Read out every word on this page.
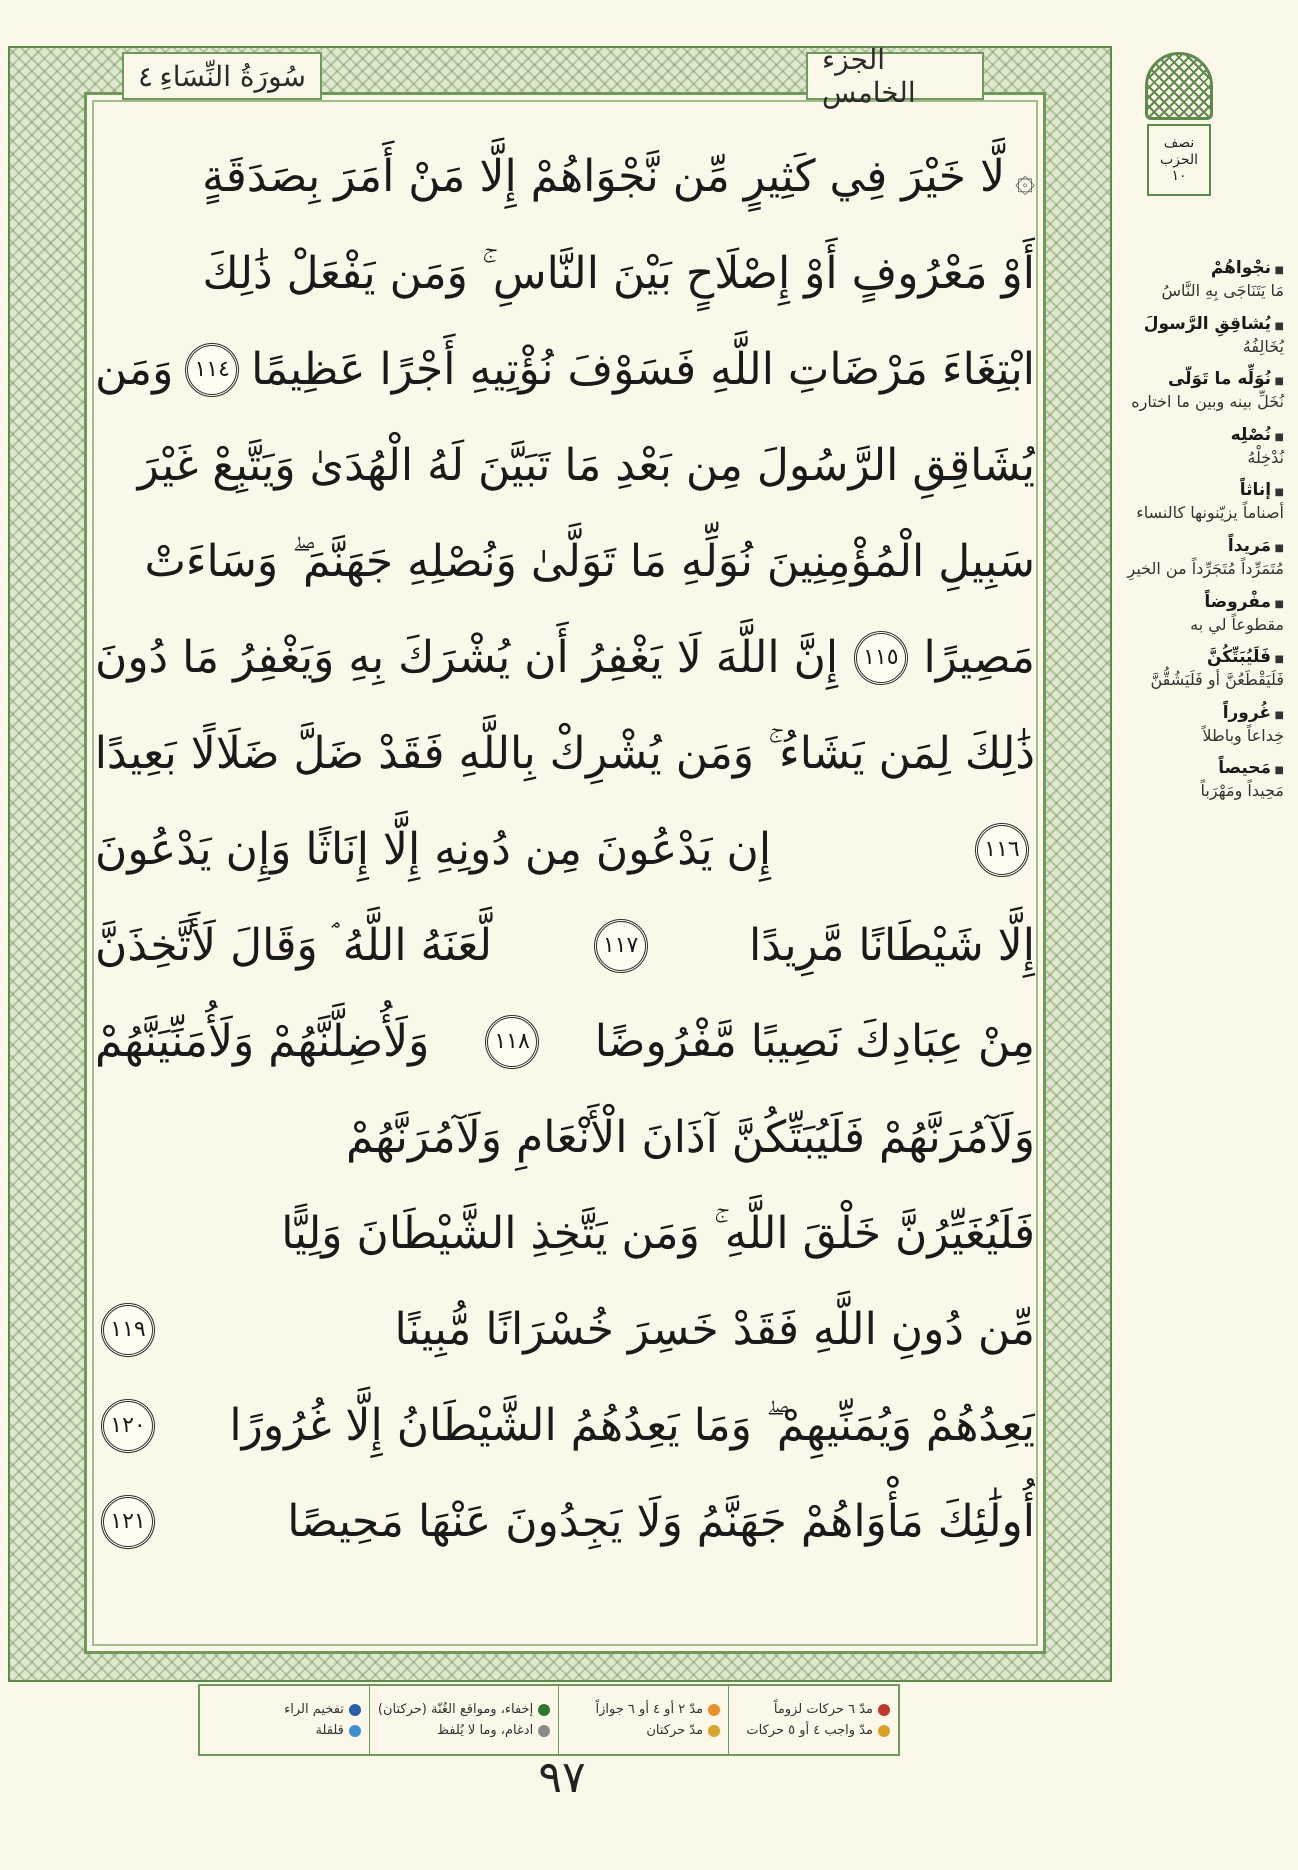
٤ سُورَةُ النِّسَاءِ	الجزء الخامس
۞لَّا خَيْرَ فِي كَثِيرٍ مِّن نَّجْوَاهُمْ إِلَّا مَنْ أَمَرَ بِصَدَقَةٍ
أَوْ مَعْرُوفٍ أَوْ إِصْلَاحٍ بَيْنَ النَّاسِ ۚ وَمَن يَفْعَلْ ذَٰلِكَ
ابْتِغَاءَ مَرْضَاتِ اللَّهِ فَسَوْفَ نُؤْتِيهِ أَجْرًا عَظِيمًا
١١٤
وَمَن
يُشَاقِقِ الرَّسُولَ مِن بَعْدِ مَا تَبَيَّنَ لَهُ الْهُدَىٰ وَيَتَّبِعْ غَيْرَ
سَبِيلِ الْمُؤْمِنِينَ نُوَلِّهِ مَا تَوَلَّىٰ وَنُصْلِهِ جَهَنَّمَ ۖ وَسَاءَتْ
مَصِيرًا
١١٥
إِنَّ اللَّهَ لَا يَغْفِرُ أَن يُشْرَكَ بِهِ وَيَغْفِرُ مَا دُونَ
ذَٰلِكَ لِمَن يَشَاءُ ۚ وَمَن يُشْرِكْ بِاللَّهِ فَقَدْ ضَلَّ ضَلَالًا بَعِيدًا
١١٦
إِن يَدْعُونَ مِن دُونِهِ إِلَّا إِنَاثًا وَإِن يَدْعُونَ
إِلَّا شَيْطَانًا مَّرِيدًا
١١٧
لَّعَنَهُ اللَّهُ ۘ وَقَالَ لَأَتَّخِذَنَّ
مِنْ عِبَادِكَ نَصِيبًا مَّفْرُوضًا
١١٨
وَلَأُضِلَّنَّهُمْ وَلَأُمَنِّيَنَّهُمْ
وَلَآمُرَنَّهُمْ فَلَيُبَتِّكُنَّ آذَانَ الْأَنْعَامِ وَلَآمُرَنَّهُمْ
فَلَيُغَيِّرُنَّ خَلْقَ اللَّهِ ۚ وَمَن يَتَّخِذِ الشَّيْطَانَ وَلِيًّا
مِّن دُونِ اللَّهِ فَقَدْ خَسِرَ خُسْرَانًا مُّبِينًا
١١٩
يَعِدُهُمْ وَيُمَنِّيهِمْ ۖ وَمَا يَعِدُهُمُ الشَّيْطَانُ إِلَّا غُرُورًا
١٢٠
أُولَٰئِكَ مَأْوَاهُمْ جَهَنَّمُ وَلَا يَجِدُونَ عَنْهَا مَحِيصًا
١٢١
مدّ ٦ حركات لزوماً
مدّ واجب ٤ أو ٥ حركات
مدّ ٢ أو ٤ أو ٦ جوازاً
مدّ حركتان
إخفاء، ومواقع الغُنّة (حركتان)
ادغام، وما لا يُلفظ
تفخيم الراء
قلقلة
٩٧
نصف
الحزب
١٠
■ نجْواهُمْ
مَا يَتَنَاجَى بِهِ النَّاسُ
■ يُشاقِقِ الرَّسولَ
يُخَالِفُهُ
■ نُوَلِّه ما تَوَلّى
نُخَلِّ بينه وبين ما اختاره
■ نُصْلِه
نُدْخِلْهُ
■ إناثاً
أصناماً يزيّنونها كالنساء
■ مَريداً
مُتَمَرِّداً مُتَجَرِّداً من الخيرِ
■ مفْروضاً
مقطوعاً لي به
■ فَلَيُبَتِّكُنَّ
فَلَيَقْطَعُنَّ أو فَلَيَشُقُّنَّ
■ غُروراً
خِداعاً وباطلاً
■ مَحيصاً
مَحِيداً ومَهْرَباً
